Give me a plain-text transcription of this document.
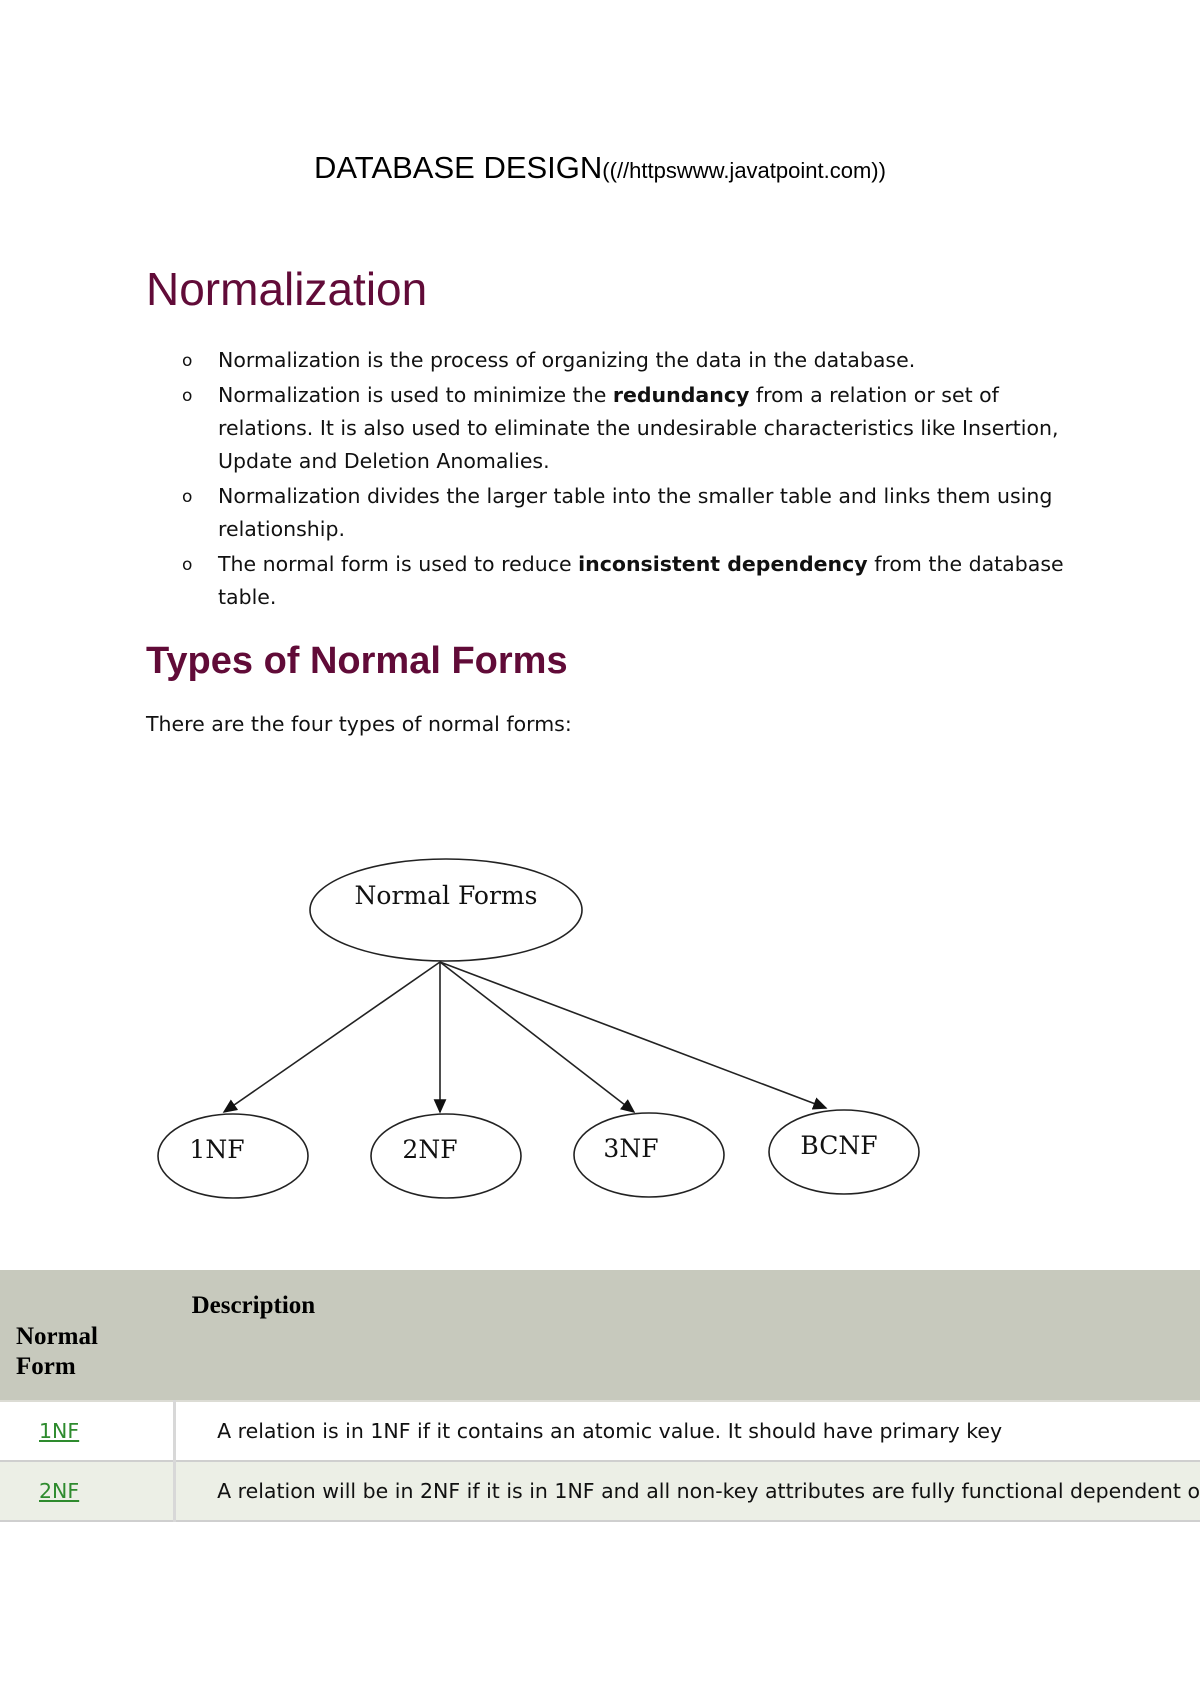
DATABASE DESIGN((//httpswww.javatpoint.com))
Normalization
o Normalization is the process of organizing the data in the database.
o Normalization is used to minimize the redundancy from a relation or set of relations. It is also used to eliminate the undesirable characteristics like Insertion, Update and Deletion Anomalies.
o Normalization divides the larger table into the smaller table and links them using relationship.
o The normal form is used to reduce inconsistent dependency from the database table.
Types of Normal Forms

There are the four types of normal forms:

Normal Forms
1NF	2NF	3NF	BCNF
Normal Form	Description

1NF	A relation is in 1NF if it contains an atomic value. It should have primary key
2NF	A relation will be in 2NF if it is in 1NF and all non-key attributes are fully functional dependent o
